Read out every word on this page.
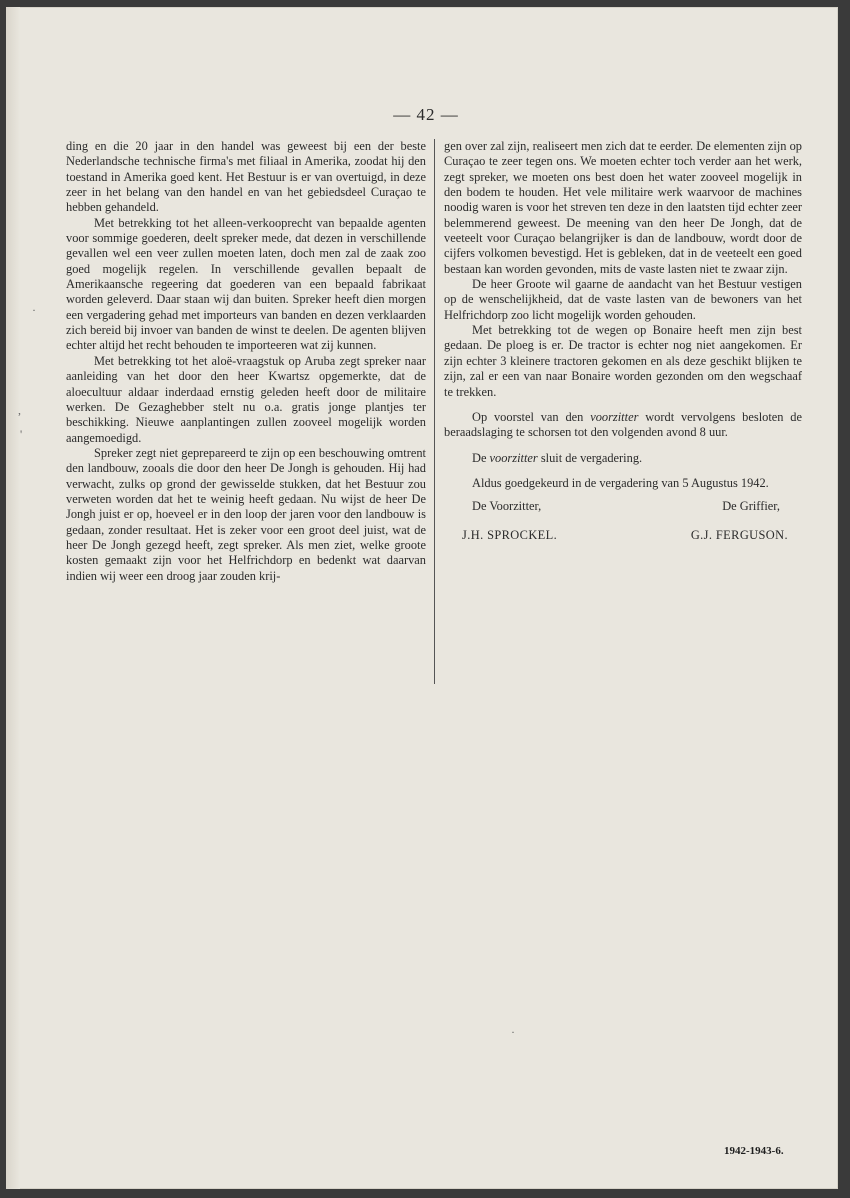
— 42 —

ding en die 20 jaar in den handel was geweest bij een der beste Nederlandsche technische firma's met filiaal in Amerika, zoodat hij den toestand in Amerika goed kent. Het Bestuur is er van overtuigd, in deze zeer in het belang van den handel en van het gebiedsdeel Curaçao te hebben gehandeld.

Met betrekking tot het alleen-verkooprecht van bepaalde agenten voor sommige goederen, deelt spreker mede, dat dezen in verschillende gevallen wel een veer zullen moeten laten, doch men zal de zaak zoo goed mogelijk regelen. In verschillende gevallen bepaalt de Amerikaansche regeering dat goederen van een bepaald fabrikaat worden geleverd. Daar staan wij dan buiten. Spreker heeft dien morgen een vergadering gehad met importeurs van banden en dezen verklaarden zich bereid bij invoer van banden de winst te deelen. De agenten blijven echter altijd het recht behouden te importeeren wat zij kunnen.

Met betrekking tot het aloë-vraagstuk op Aruba zegt spreker naar aanleiding van het door den heer Kwartsz opgemerkte, dat de aloecultuur aldaar inderdaad ernstig geleden heeft door de militaire werken. De Gezaghebber stelt nu o.a. gratis jonge plantjes ter beschikking. Nieuwe aanplantingen zullen zooveel mogelijk worden aangemoedigd.

Spreker zegt niet geprepareerd te zijn op een beschouwing omtrent den landbouw, zooals die door den heer De Jongh is gehouden. Hij had verwacht, zulks op grond der gewisselde stukken, dat het Bestuur zou verweten worden dat het te weinig heeft gedaan. Nu wijst de heer De Jongh juist er op, hoeveel er in den loop der jaren voor den landbouw is gedaan, zonder resultaat. Het is zeker voor een groot deel juist, wat de heer De Jongh gezegd heeft, zegt spreker. Als men ziet, welke groote kosten gemaakt zijn voor het Helfrichdorp en bedenkt wat daarvan indien wij weer een droog jaar zouden krij-

gen over zal zijn, realiseert men zich dat te eerder. De elementen zijn op Curaçao te zeer tegen ons. We moeten echter toch verder aan het werk, zegt spreker, we moeten ons best doen het water zooveel mogelijk in den bodem te houden. Het vele militaire werk waarvoor de machines noodig waren is voor het streven ten deze in den laatsten tijd echter zeer belemmerend geweest. De meening van den heer De Jongh, dat de veeteelt voor Curaçao belangrijker is dan de landbouw, wordt door de cijfers volkomen bevestigd. Het is gebleken, dat in de veeteelt een goed bestaan kan worden gevonden, mits de vaste lasten niet te zwaar zijn.

De heer Groote wil gaarne de aandacht van het Bestuur vestigen op de wenschelijkheid, dat de vaste lasten van de bewoners van het Helfrichdorp zoo licht mogelijk worden gehouden.

Met betrekking tot de wegen op Bonaire heeft men zijn best gedaan. De ploeg is er. De tractor is echter nog niet aangekomen. Er zijn echter 3 kleinere tractoren gekomen en als deze geschikt blijken te zijn, zal er een van naar Bonaire worden gezonden om den wegschaaf te trekken.

Op voorstel van den voorzitter wordt vervolgens besloten de beraadslaging te schorsen tot den volgenden avond 8 uur.

De voorzitter sluit de vergadering.

Aldus goedgekeurd in de vergadering van 5 Augustus 1942.

De Voorzitter,	De Griffier,
J.H. SPROCKEL.	G.J. FERGUSON.
·
,
'
·
1942-1943-6.
